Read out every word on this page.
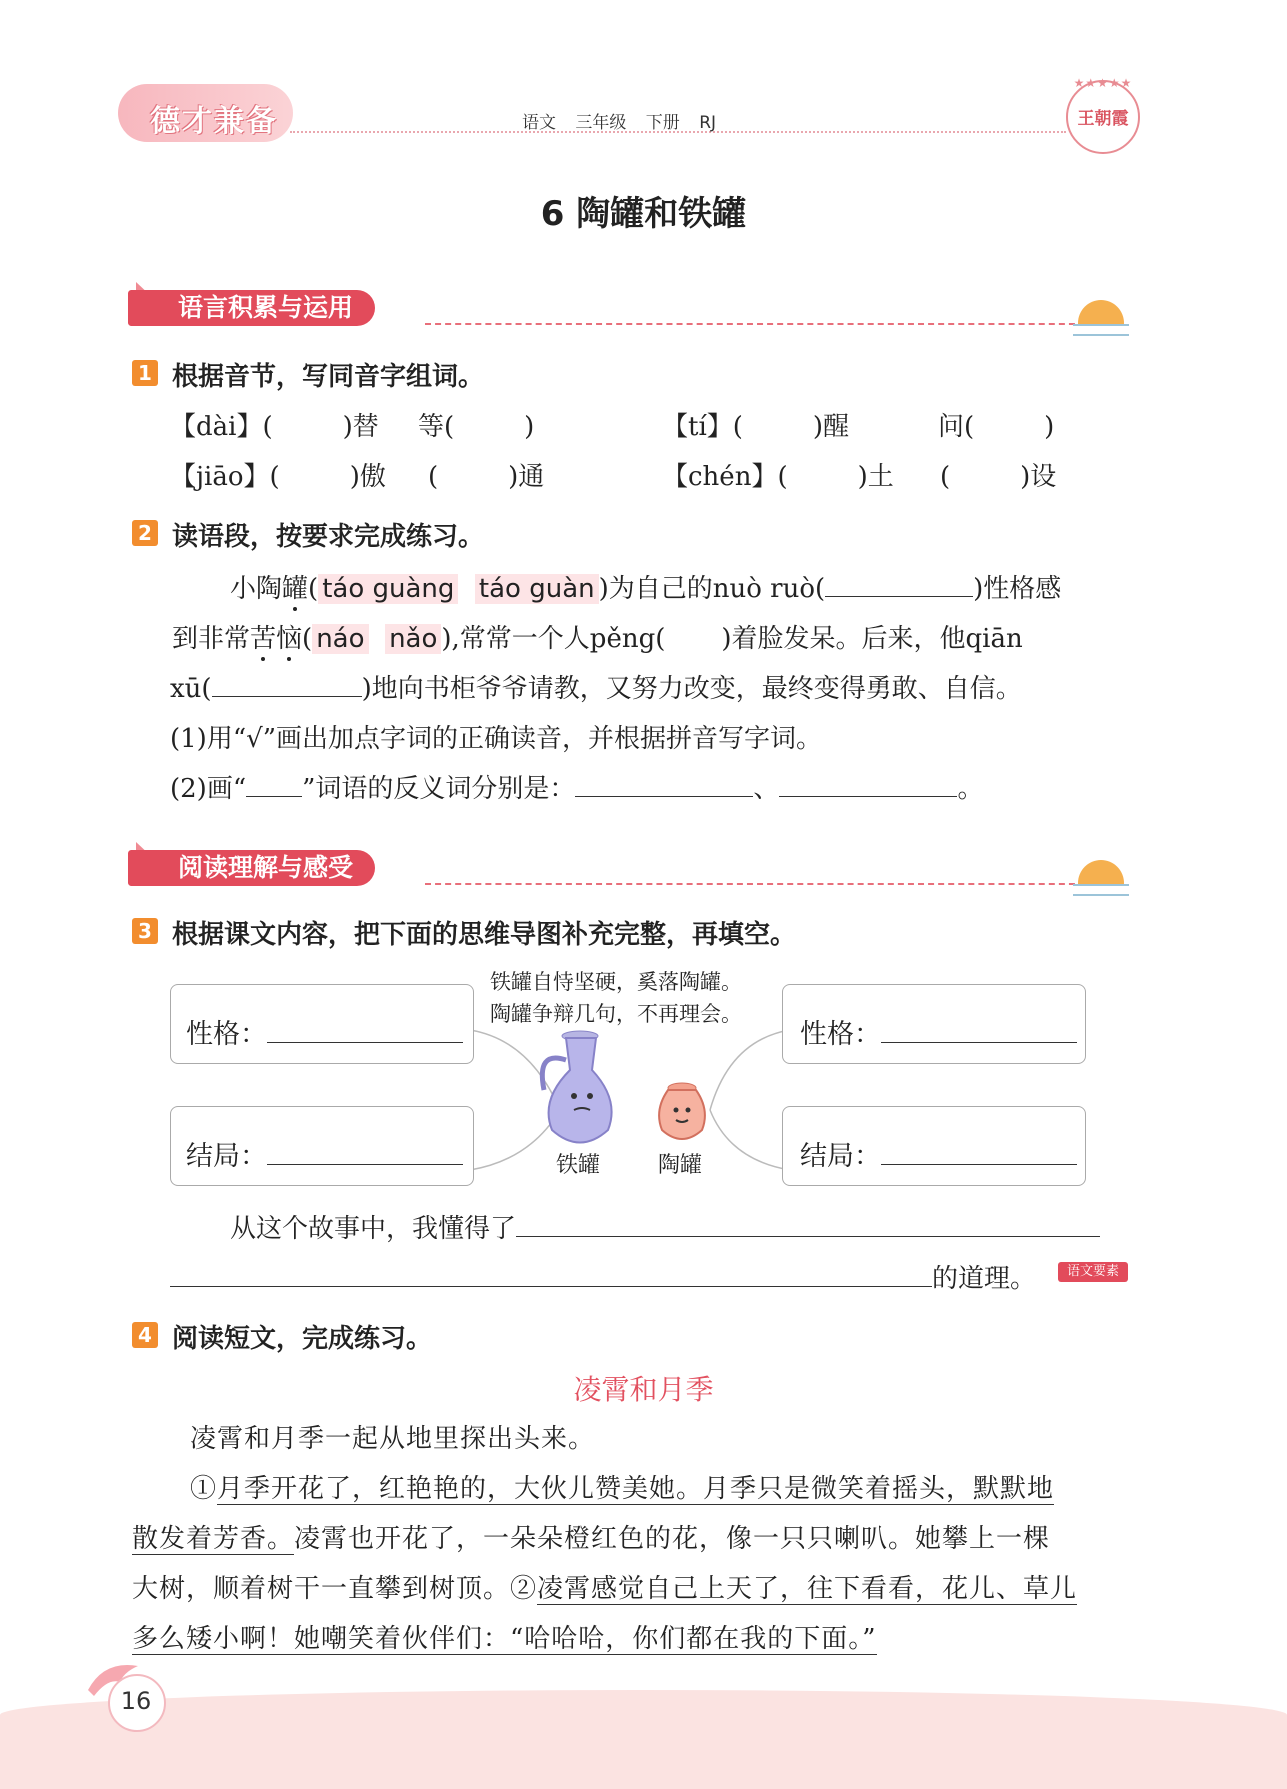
德才兼备	语文 三年级 下册 RJ
★★★★★
王朝霞
6 陶罐和铁罐
语言积累与运用
1 根据音节，写同音字组词。
【dài】(	)替 等(	)	【tí】(	)醒	问(	)
【jiāo】(	)傲 (	)通	【chén】(	)土 (	)设
2 读语段，按要求完成练习。
小陶罐( táo guàng táo guàn )为自己的nuò ruò(	)性格感
到非常苦恼( náo nǎo ),常常一个人pěng( )着脸发呆。后来，他qiān
xū(	)地向书柜爷爷请教，又努力改变，最终变得勇敢、自信。
(1)用“√”画出加点字词的正确读音，并根据拼音写字词。
(2)画“ ”词语的反义词分别是：	、	。
阅读理解与感受
3 根据课文内容，把下面的思维导图补充完整，再填空。
铁罐自恃坚硬，奚落陶罐。
陶罐争辩几句，不再理会。
性格：
结局：
性格：
结局：
铁罐	陶罐
从这个故事中，我懂得了
的道理。	语文要素
4 阅读短文，完成练习。
凌霄和月季
凌霄和月季一起从地里探出头来。
①月季开花了，红艳艳的，大伙儿赞美她。月季只是微笑着摇头，默默地
散发着芳香。凌霄也开花了，一朵朵橙红色的花，像一只只喇叭。她攀上一棵
大树，顺着树干一直攀到树顶。②凌霄感觉自己上天了，往下看看，花儿、草儿
多么矮小啊！她嘲笑着伙伴们：“哈哈哈，你们都在我的下面。”
16
